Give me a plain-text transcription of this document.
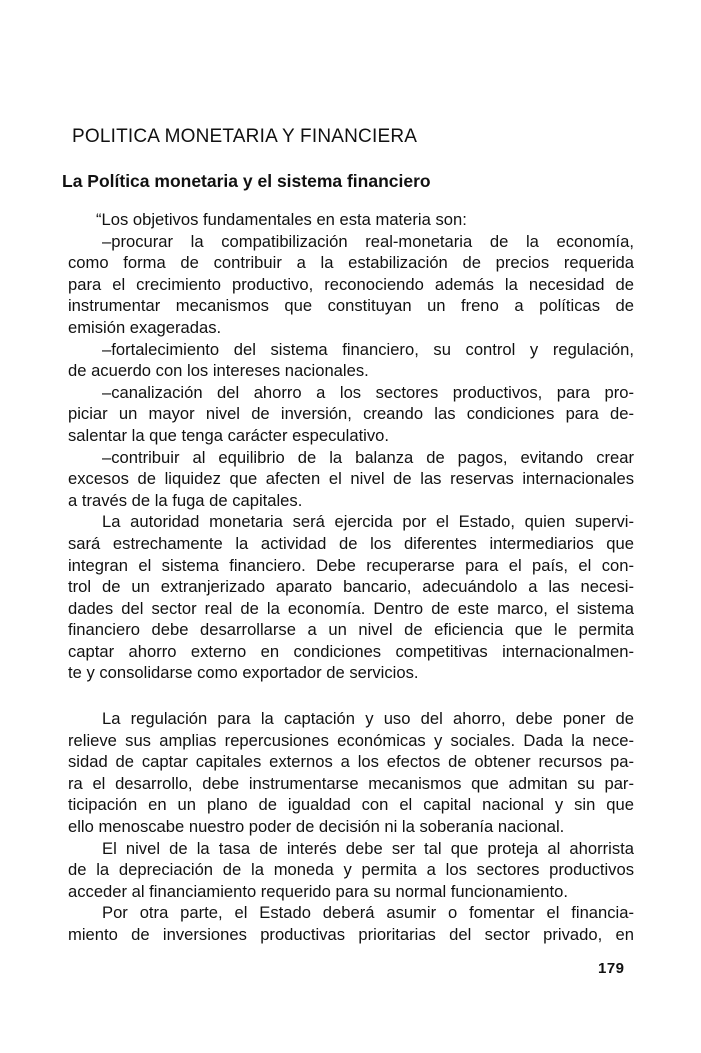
POLITICA MONETARIA Y FINANCIERA
La Política monetaria y el sistema financiero
“Los objetivos fundamentales en esta materia son:
–procurar la compatibilización real-monetaria de la economía,
como forma de contribuir a la estabilización de precios requerida
para el crecimiento productivo, reconociendo además la necesidad de
instrumentar mecanismos que constituyan un freno a políticas de
emisión exageradas.
–fortalecimiento del sistema financiero, su control y regulación,
de acuerdo con los intereses nacionales.
–canalización del ahorro a los sectores productivos, para pro-
piciar un mayor nivel de inversión, creando las condiciones para de-
salentar la que tenga carácter especulativo.
–contribuir al equilibrio de la balanza de pagos, evitando crear
excesos de liquidez que afecten el nivel de las reservas internacionales
a través de la fuga de capitales.
La autoridad monetaria será ejercida por el Estado, quien supervi-
sará estrechamente la actividad de los diferentes intermediarios que
integran el sistema financiero. Debe recuperarse para el país, el con-
trol de un extranjerizado aparato bancario, adecuándolo a las necesi-
dades del sector real de la economía. Dentro de este marco, el sistema
financiero debe desarrollarse a un nivel de eficiencia que le permita
captar ahorro externo en condiciones competitivas internacionalmen-
te y consolidarse como exportador de servicios.
La regulación para la captación y uso del ahorro, debe poner de
relieve sus amplias repercusiones económicas y sociales. Dada la nece-
sidad de captar capitales externos a los efectos de obtener recursos pa-
ra el desarrollo, debe instrumentarse mecanismos que admitan su par-
ticipación en un plano de igualdad con el capital nacional y sin que
ello menoscabe nuestro poder de decisión ni la soberanía nacional.
El nivel de la tasa de interés debe ser tal que proteja al ahorrista
de la depreciación de la moneda y permita a los sectores productivos
acceder al financiamiento requerido para su normal funcionamiento.
Por otra parte, el Estado deberá asumir o fomentar el financia-
miento de inversiones productivas prioritarias del sector privado, en
179
